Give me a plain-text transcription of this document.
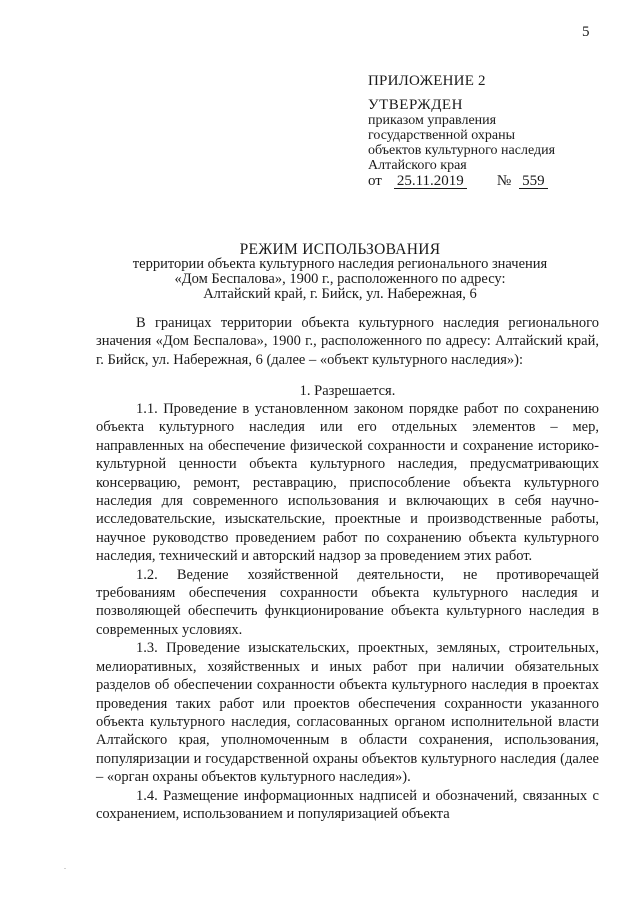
5
ПРИЛОЖЕНИЕ 2
УТВЕРЖДЕН
приказом управления
государственной охраны
объектов культурного наследия
Алтайского края
от 25.11.2019 № 559
РЕЖИМ ИСПОЛЬЗОВАНИЯ
территории объекта культурного наследия регионального значения
«Дом Беспалова», 1900 г., расположенного по адресу:
Алтайский край, г. Бийск, ул. Набережная, 6

В границах территории объекта культурного наследия регионального значения «Дом Беспалова», 1900 г., расположенного по адресу: Алтайский край, г. Бийск, ул. Набережная, 6 (далее – «объект культурного наследия»):

1. Разрешается.

1.1. Проведение в установленном законом порядке работ по сохранению объекта культурного наследия или его отдельных элементов – мер, направленных на обеспечение физической сохранности и сохранение историко-культурной ценности объекта культурного наследия, предусматривающих консервацию, ремонт, реставрацию, приспособление объекта культурного наследия для современного использования и включающих в себя научно-исследовательские, изыскательские, проектные и производственные работы, научное руководство проведением работ по сохранению объекта культурного наследия, технический и авторский надзор за проведением этих работ.

1.2. Ведение хозяйственной деятельности, не противоречащей требованиям обеспечения сохранности объекта культурного наследия и позволяющей обеспечить функционирование объекта культурного наследия в современных условиях.

1.3. Проведение изыскательских, проектных, земляных, строительных, мелиоративных, хозяйственных и иных работ при наличии обязательных разделов об обеспечении сохранности объекта культурного наследия в проектах проведения таких работ или проектов обеспечения сохранности указанного объекта культурного наследия, согласованных органом исполнительной власти Алтайского края, уполномоченным в области сохранения, использования, популяризации и государственной охраны объектов культурного наследия (далее – «орган охраны объектов культурного наследия»).

1.4. Размещение информационных надписей и обозначений, связанных с сохранением, использованием и популяризацией объекта

.
